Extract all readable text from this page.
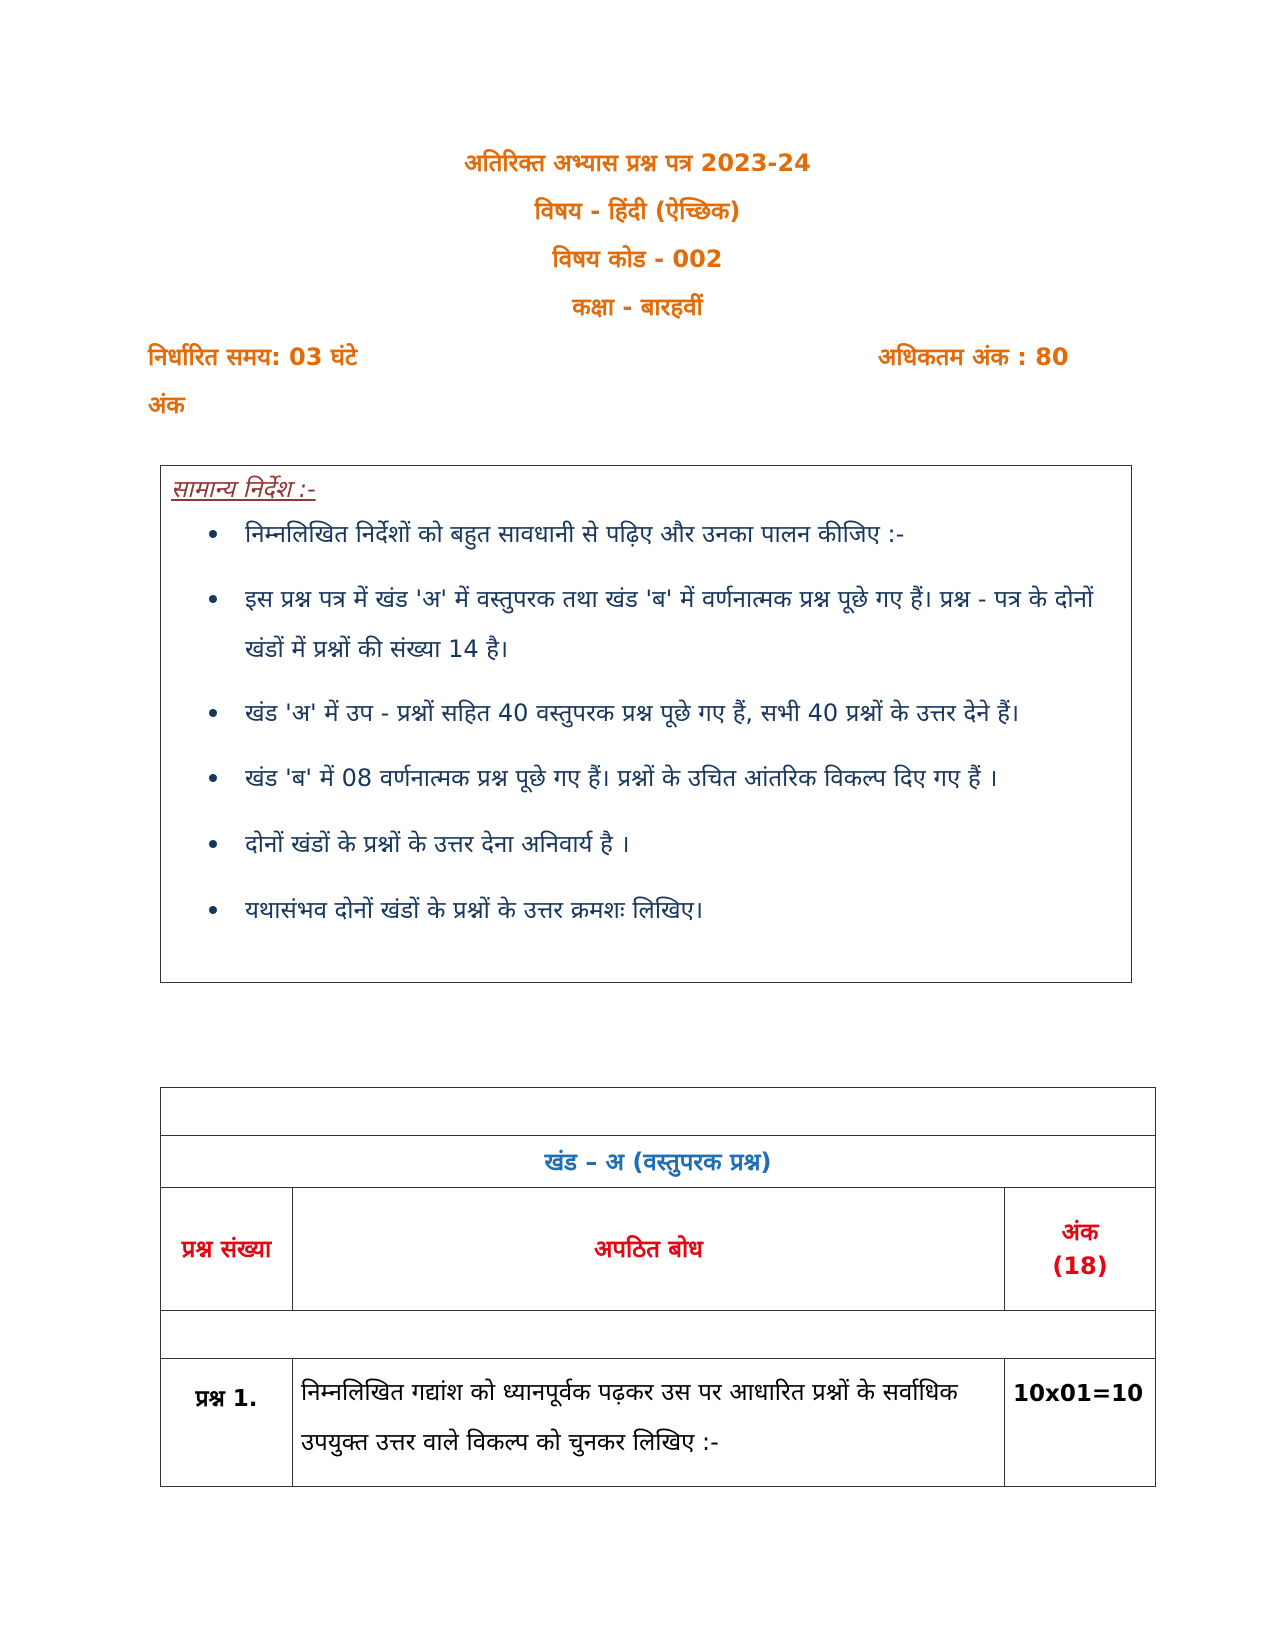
अतिरिक्त अभ्यास प्रश्न पत्र 2023-24
विषय - हिंदी (ऐच्छिक)
विषय कोड - 002
कक्षा - बारहवीं
निर्धारित समय: 03 घंटे	अधिकतम अंक : 80
अंक
सामान्य निर्देश :-
निम्नलिखित निर्देशों को बहुत सावधानी से पढ़िए और उनका पालन कीजिए :-
इस प्रश्न पत्र में खंड 'अ' में वस्तुपरक तथा खंड 'ब' में वर्णनात्मक प्रश्न पूछे गए हैं। प्रश्न - पत्र के दोनों खंडों में प्रश्नों की संख्या 14 है।
खंड 'अ' में उप - प्रश्नों सहित 40 वस्तुपरक प्रश्न पूछे गए हैं, सभी 40 प्रश्नों के उत्तर देने हैं।
खंड 'ब' में 08 वर्णनात्मक प्रश्न पूछे गए हैं। प्रश्नों के उचित आंतरिक विकल्प दिए गए हैं ।
दोनों खंडों के प्रश्नों के उत्तर देना अनिवार्य है ।
यथासंभव दोनों खंडों के प्रश्नों के उत्तर क्रमशः लिखिए।

खंड – अ (वस्तुपरक प्रश्न)		
प्रश्न संख्या	अपठित बोध	अंक
(18)

प्रश्न 1.	निम्नलिखित गद्यांश को ध्यानपूर्वक पढ़कर उस पर आधारित प्रश्नों के सर्वाधिक उपयुक्त उत्तर वाले विकल्प को चुनकर लिखिए :-	10x01=10
